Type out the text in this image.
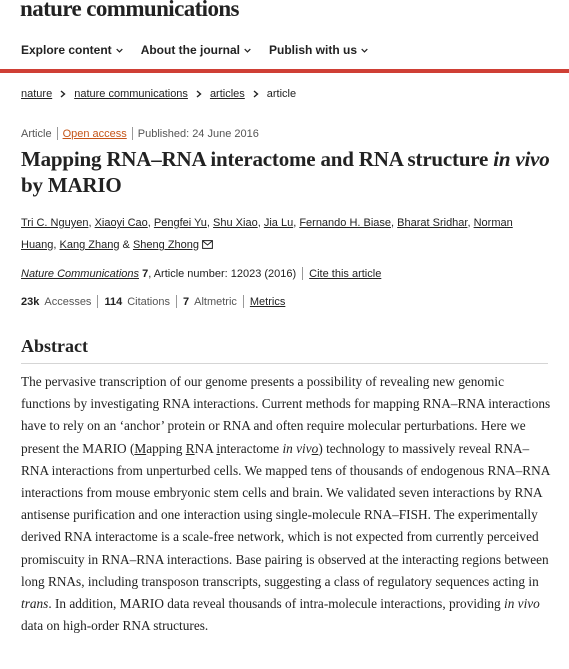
nature communications
Explore content About the journal Publish with us
nature nature communications articles article
Article Open access Published: 24 June 2016
Mapping RNA–RNA interactome and RNA structure in vivo by MARIO
Tri C. Nguyen, Xiaoyi Cao, Pengfei Yu, Shu Xiao, Jia Lu, Fernando H. Biase, Bharat Sridhar, Norman Huang, Kang Zhang & Sheng Zhong
Nature Communications
7 , Article number: 12023 (2016) Cite this article
23k Accesses 114 Citations 7 Altmetric Metrics
Abstract

The pervasive transcription of our genome presents a possibility of revealing new genomic functions by investigating RNA interactions. Current methods for mapping RNA–RNA interactions have to rely on an ‘anchor’ protein or RNA and often require molecular perturbations. Here we present the MARIO (Mapping RNA interactome in vivo) technology to massively reveal RNA–RNA interactions from unperturbed cells. We mapped tens of thousands of endogenous RNA–RNA interactions from mouse embryonic stem cells and brain. We validated seven interactions by RNA antisense purification and one interaction using single-molecule RNA–FISH. The experimentally derived RNA interactome is a scale-free network, which is not expected from currently perceived promiscuity in RNA–RNA interactions. Base pairing is observed at the interacting regions between long RNAs, including transposon transcripts, suggesting a class of regulatory sequences acting in trans. In addition, MARIO data reveal thousands of intra-molecule interactions, providing in vivo data on high-order RNA structures.
